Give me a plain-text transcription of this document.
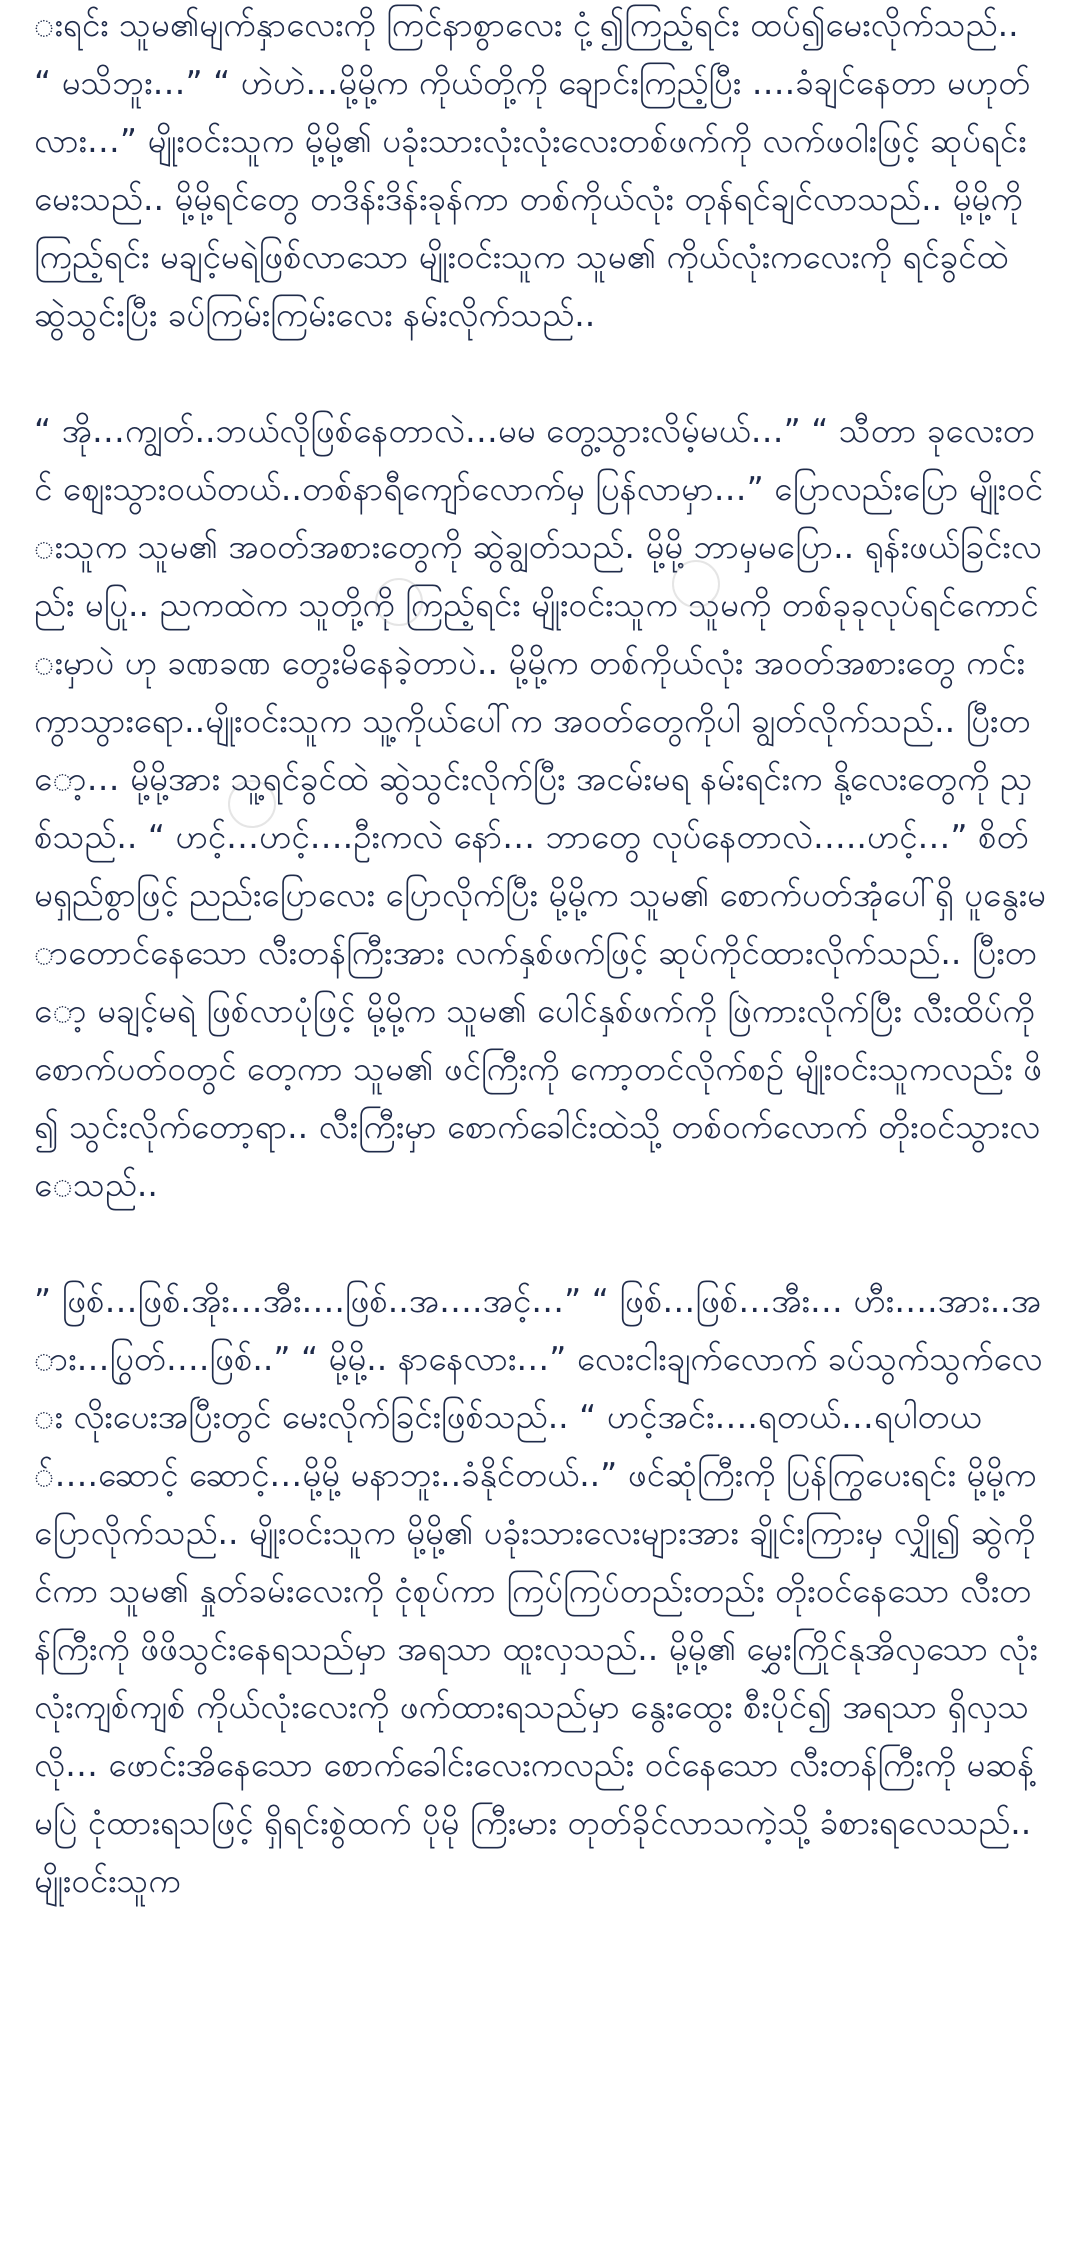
းရင်း သူမ၏မျက်နှာလေးကို ကြင်နာစွာလေး ငုံ့၍ကြည့်ရင်း ထပ်၍မေးလိုက်သည်.. “ မသိဘူး…” “ ဟဲဟဲ…မို့မို့က ကိုယ်တို့ကို ချောင်းကြည့်ပြီး ….ခံချင်နေတာ မဟုတ်လား…” မျိုးဝင်းသူက မို့မို့၏ ပခုံးသားလုံးလုံးလေးတစ်ဖက်ကို လက်ဖဝါးဖြင့် ဆုပ်ရင်း မေးသည်.. မို့မို့ရင်တွေ တဒိန်းဒိန်းခုန်ကာ တစ်ကိုယ်လုံး တုန်ရင်ချင်လာသည်.. မို့မို့ကို ကြည့်ရင်း မချင့်မရဲဖြစ်လာသော မျိုးဝင်းသူက သူမ၏ ကိုယ်လုံးကလေးကို ရင်ခွင်ထဲ ဆွဲသွင်းပြီး ခပ်ကြမ်းကြမ်းလေး နမ်းလိုက်သည်..

“ အို…ကျွတ်..ဘယ်လိုဖြစ်နေတာလဲ…မမ တွေ့သွားလိမ့်မယ်…” “ သီတာ ခုလေးတင် ဈေးသွားဝယ်တယ်..တစ်နာရီကျော်လောက်မှ ပြန်လာမှာ…” ပြောလည်းပြော မျိုးဝင်းသူက သူမ၏ အဝတ်အစားတွေကို ဆွဲချွတ်သည်. မို့မို့ ဘာမှမပြော.. ရုန်းဖယ်ခြင်းလည်း မပြု.. ညကထဲက သူတို့ကို ကြည့်ရင်း မျိုးဝင်းသူက သူမကို တစ်ခုခုလုပ်ရင်ကောင်းမှာပဲ ဟု ခဏခဏ တွေးမိနေခဲ့တာပဲ.. မို့မို့က တစ်ကိုယ်လုံး အဝတ်အစားတွေ ကင်းကွာသွားရော..မျိုးဝင်းသူက သူ့ကိုယ်ပေါ်က အဝတ်တွေကိုပါ ချွတ်လိုက်သည်.. ပြီးတော့… မို့မို့အား သူ့ရင်ခွင်ထဲ ဆွဲသွင်းလိုက်ပြီး အငမ်းမရ နမ်းရင်းက နို့လေးတွေကို ညှစ်သည်.. “ ဟင့်…ဟင့်….ဦးကလဲ နော်… ဘာတွေ လုပ်နေတာလဲ…..ဟင့်…” စိတ်မရှည်စွာဖြင့် ညည်းပြောလေး ပြောလိုက်ပြီး မို့မို့က သူမ၏ စောက်ပတ်အုံပေါ်ရှိ ပူနွေးမာတောင်နေသော လီးတန်ကြီးအား လက်နှစ်ဖက်ဖြင့် ဆုပ်ကိုင်ထားလိုက်သည်.. ပြီးတော့ မချင့်မရဲ ဖြစ်လာပုံဖြင့် မို့မို့က သူမ၏ ပေါင်နှစ်ဖက်ကို ဖြဲကားလိုက်ပြီး လီးထိပ်ကို စောက်ပတ်ဝတွင် တေ့ကာ သူမ၏ ဖင်ကြီးကို ကော့တင်လိုက်စဉ် မျိုးဝင်းသူကလည်း ဖိ၍ သွင်းလိုက်တော့ရာ.. လီးကြီးမှာ စောက်ခေါင်းထဲသို့ တစ်ဝက်လောက် တိုးဝင်သွားလေသည်..

” ဖြစ်…ဖြစ်.အိုး…အီး….ဖြစ်..အ….အင့်…” “ ဖြစ်…ဖြစ်…အီး… ဟီး….အား..အား…ပြွတ်….ဖြစ်..” “ မို့မို့.. နာနေလား…” လေးငါးချက်လောက် ခပ်သွက်သွက်လေး လိုးပေးအပြီးတွင် မေးလိုက်ခြင်းဖြစ်သည်.. “ ဟင့်အင်း….ရတယ်…ရပါတယ်….ဆောင့် ဆောင့်…မို့မို့ မနာဘူး..ခံနိုင်တယ်..” ဖင်ဆုံကြီးကို ပြန်ကြွပေးရင်း မို့မို့က ပြောလိုက်သည်.. မျိုးဝင်းသူက မို့မို့၏ ပခုံးသားလေးများအား ချိုင်းကြားမှ လျှို၍ ဆွဲကိုင်ကာ သူမ၏ နှုတ်ခမ်းလေးကို ငုံစုပ်ကာ ကြပ်ကြပ်တည်းတည်း တိုးဝင်နေသော လီးတန်ကြီးကို ဖိဖိသွင်းနေရသည်မှာ အရသာ ထူးလှသည်.. မို့မို့၏ မွှေးကြိုင်နုအိလှသော လုံးလုံးကျစ်ကျစ် ကိုယ်လုံးလေးကို ဖက်ထားရသည်မှာ နွေးထွေး စီးပိုင်၍ အရသာ ရှိလှသလို… ဖောင်းအိနေသော စောက်ခေါင်းလေးကလည်း ဝင်နေသော လီးတန်ကြီးကို မဆန့်မပြဲ ငုံထားရသဖြင့် ရှိရင်းစွဲထက် ပိုမို ကြီးမား တုတ်ခိုင်လာသကဲ့သို့ ခံစားရလေသည်.. မျိုးဝင်းသူက
